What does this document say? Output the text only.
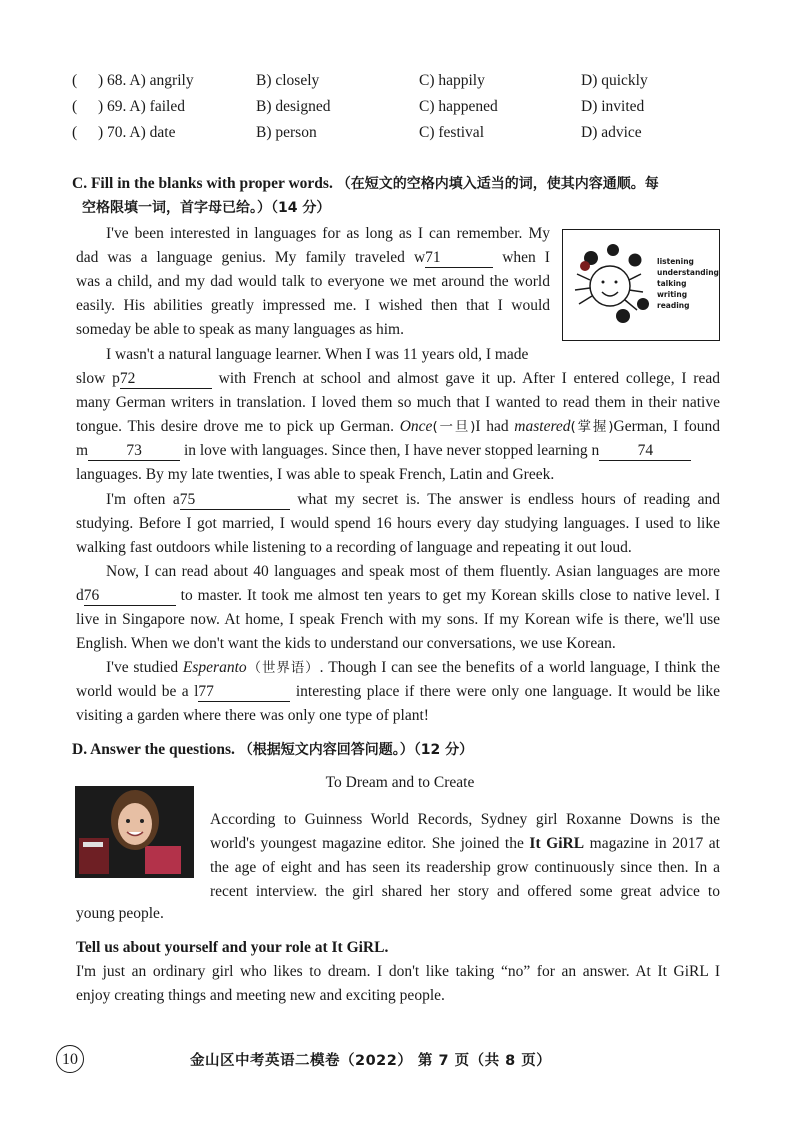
( ) 68. A) angrily	B) closely	C) happily	D) quickly
( ) 69. A) failed	B) designed	C) happened	D) invited
( ) 70. A) date	B) person	C) festival	D) advice
C. Fill in the blanks with proper words. （在短文的空格内填入适当的词，使其内容通顺。每
空格限填一词，首字母已给。）（14 分）
listening
understanding
talking
writing
reading
I've been interested in languages for as long as I can remember. My
dad was a language genius. My family traveled w71	when I
was a child, and my dad would talk to everyone we met around the world
easily. His abilities greatly impressed me. I wished then that I would
someday be able to speak as many languages as him.
I wasn't a natural language learner. When I was 11 years old, I made
slow p72	with French at school and almost gave it up. After I entered college, I read
many German writers in translation. I loved them so much that I wanted to read them in their native
tongue. This desire drove me to pick up German. Once(一旦)I had mastered(掌握)German, I found
m 73 in love with languages. Since then, I have never stopped learning n 74
languages. By my late twenties, I was able to speak French, Latin and Greek.
I'm often a75	what my secret is. The answer is endless hours of reading and
studying. Before I got married, I would spend 16 hours every day studying languages. I used to like
walking fast outdoors while listening to a recording of language and repeating it out loud.
Now, I can read about 40 languages and speak most of them fluently. Asian languages are more
d76	to master. It took me almost ten years to get my Korean skills close to native level. I
live in Singapore now. At home, I speak French with my sons. If my Korean wife is there, we'll use
English. When we don't want the kids to understand our conversations, we use Korean.
I've studied Esperanto（世界语）. Though I can see the benefits of a world language, I think the
world would be a l77	interesting place if there were only one language. It would be like
visiting a garden where there was only one type of plant!
D. Answer the questions. （根据短文内容回答问题。）（12 分）
To Dream and to Create
According to Guinness World Records, Sydney girl Roxanne Downs is the
world's youngest magazine editor. She joined the It GiRL magazine in 2017 at
the age of eight and has seen its readership grow continuously since then. In a
recent interview. the girl shared her story and offered some great advice to
young people.
Tell us about yourself and your role at It GiRL.
I'm just an ordinary girl who likes to dream. I don't like taking “no” for an answer. At It GiRL I
enjoy creating things and meeting new and exciting people.
10	金山区中考英语二模卷（2022） 第 7 页（共 8 页）
